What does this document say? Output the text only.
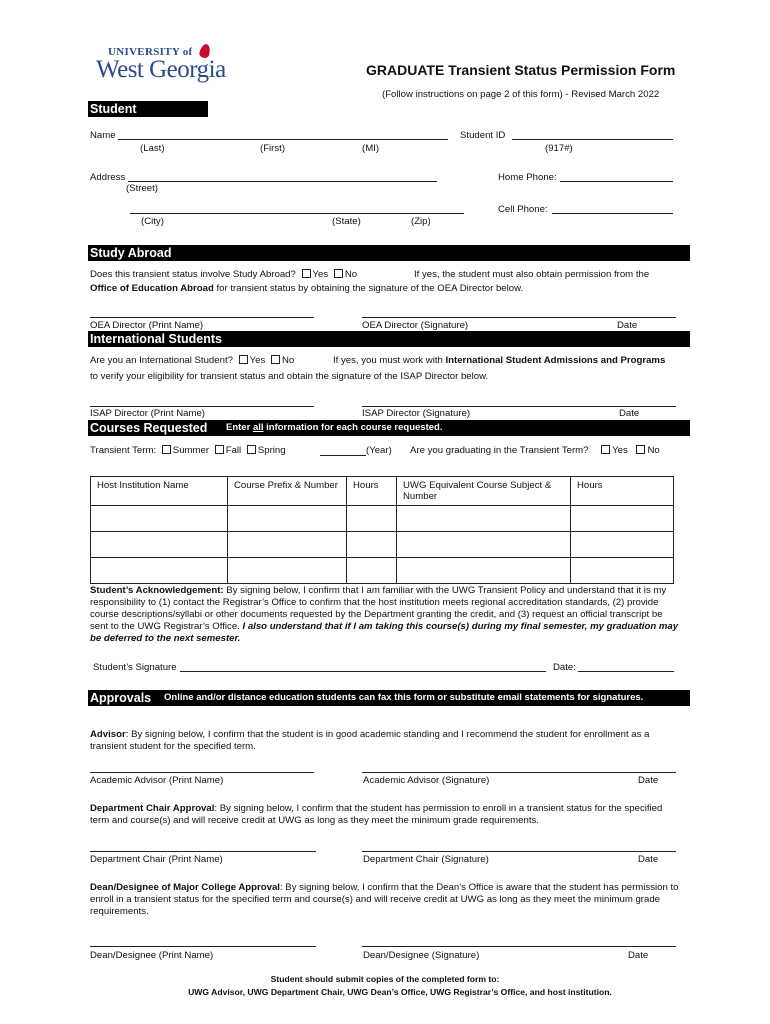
UNIVERSITY of
West Georgia	GRADUATE Transient Status Permission Form
(Follow instructions on page 2 of this form) - Revised March 2022
Student Information
Name	Student ID
(Last)	(First)	(MI)	(917#)
Address
(Street)
Home Phone:
Cell Phone:
(City)	(State)	(Zip)
Study Abroad
Does this transient status involve Study Abroad? Yes No	If yes, the student must also obtain permission from the
Office of Education Abroad for transient status by obtaining the signature of the OEA Director below.
OEA Director (Print Name)	OEA Director (Signature)	Date
International Students
Are you an International Student? Yes No	If yes, you must work with International Student Admissions and Programs
to verify your eligibility for transient status and obtain the signature of the ISAP Director below.
ISAP Director (Print Name)	ISAP Director (Signature)	Date
Courses Requested Enter all information for each course requested.
Transient Term: Summer Fall Spring	(Year) Are you graduating in the Transient Term? Yes No
Host Institution Name	Course Prefix & Number	Hours	UWG Equivalent Course Subject & Number	Hours

Student’s Acknowledgement: By signing below, I confirm that I am familiar with the UWG Transient Policy and understand that it is my responsibility to (1) contact the Registrar’s Office to confirm that the host institution meets regional accreditation standards, (2) provide course descriptions/syllabi or other documents requested by the Department granting the credit, and (3) request an official transcript be sent to the UWG Registrar’s Office. I also understand that if I am taking this course(s) during my final semester, my graduation may be deferred to the next semester.
Student’s Signature	Date:
Approvals Online and/or distance education students can fax this form or substitute email statements for signatures.
Advisor: By signing below, I confirm that the student is in good academic standing and I recommend the student for enrollment as a transient student for the specified term.
Academic Advisor (Print Name)	Academic Advisor (Signature)	Date
Department Chair Approval: By signing below, I confirm that the student has permission to enroll in a transient status for the specified term and course(s) and will receive credit at UWG as long as they meet the minimum grade requirements.
Department Chair (Print Name)	Department Chair (Signature)	Date
Dean/Designee of Major College Approval: By signing below, I confirm that the Dean’s Office is aware that the student has permission to enroll in a transient status for the specified term and course(s) and will receive credit at UWG as long as they meet the minimum grade requirements.
Dean/Designee (Print Name)	Dean/Designee (Signature)	Date
Student should submit copies of the completed form to:
UWG Advisor, UWG Department Chair, UWG Dean’s Office, UWG Registrar’s Office, and host institution.
